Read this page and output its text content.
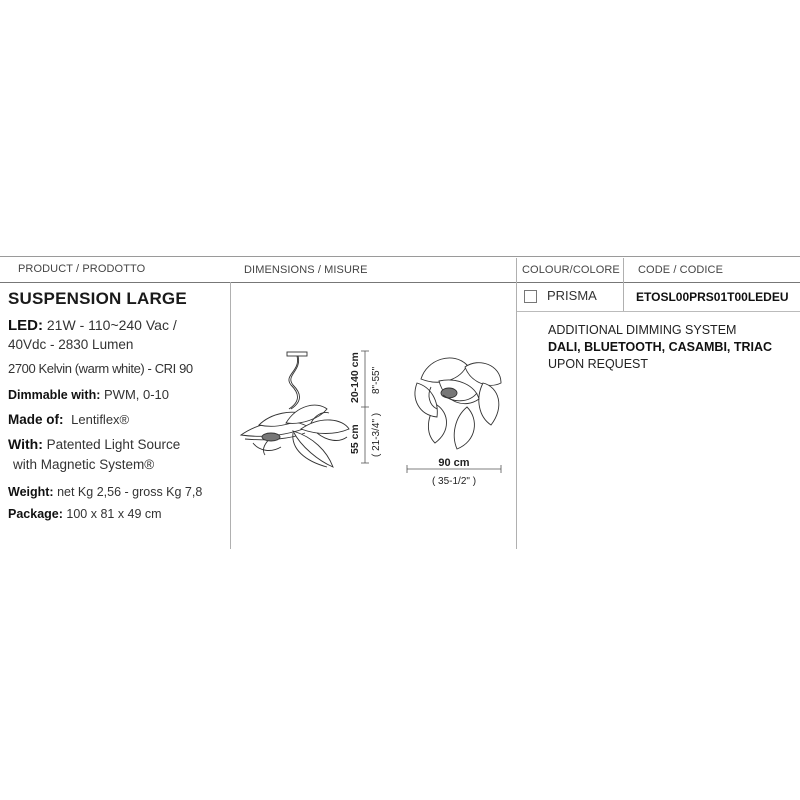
PRODUCT / PRODOTTO	DIMENSIONS / MISURE	COLOUR/COLORE CODE / CODICE
SUSPENSION LARGE
LED: 21W - 110~240 Vac /
40Vdc - 2830 Lumen
2700 Kelvin (warm white) - CRI 90
Dimmable with: PWM, 0-10
Made of: Lentiflex®
With: Patented Light Source
with Magnetic System®
Weight: net Kg 2,56 - gross Kg 7,8
Package: 100 x 81 x 49 cm
20-140 cm 8"-55"
55 cm ( 21-3/4" )
90 cm
( 35-1/2" )
PRISMA	ETOSL00PRS01T00LEDEU
ADDITIONAL DIMMING SYSTEM
DALI, BLUETOOTH, CASAMBI, TRIAC
UPON REQUEST
